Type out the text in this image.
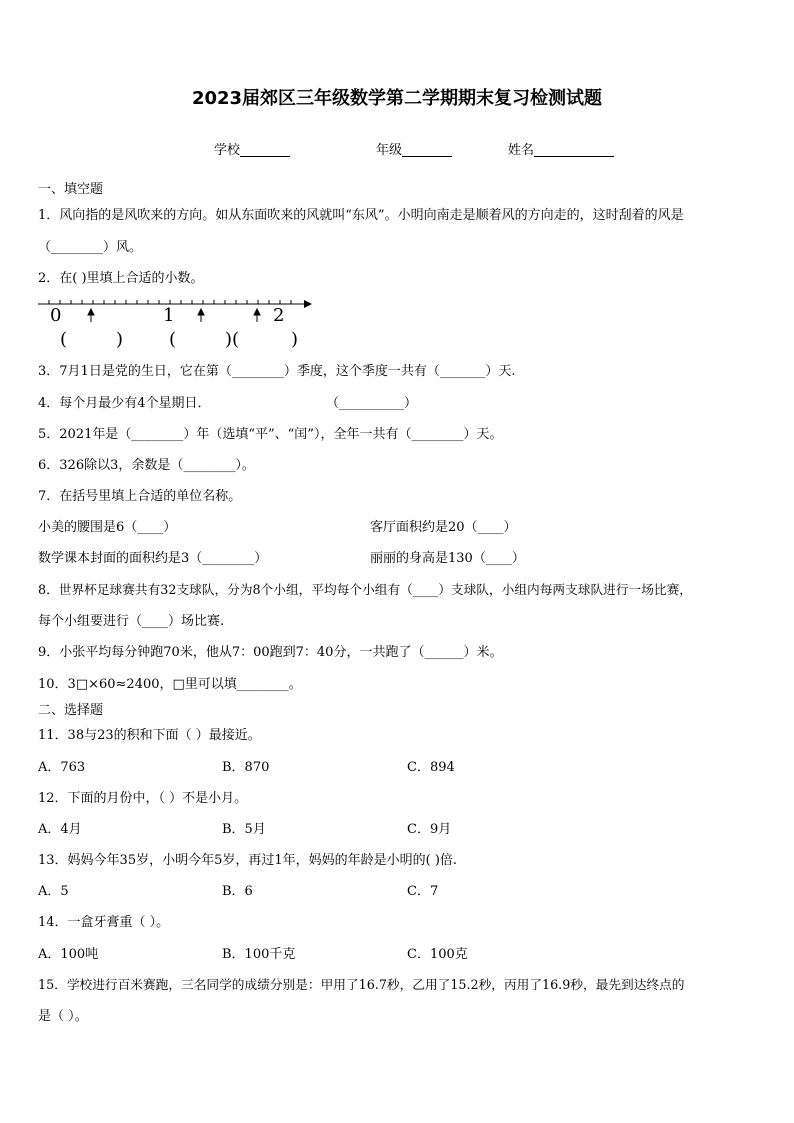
2023届郊区三年级数学第二学期期末复习检测试题
学校	年级	姓名
一、填空题
1．风向指的是风吹来的方向。如从东面吹来的风就叫“东风”。小明向南走是顺着风的方向走的，这时刮着的风是
（________）风。
2．在( )里填上合适的小数。
0	1	2
(	)	(	)(	)
3．7月1日是党的生日，它在第（________）季度，这个季度一共有（_______）天.
4．每个月最少有4个星期日．	（__________）
5．2021年是（________）年（选填“平”、“闰”），全年一共有（________）天。
6．326除以3，余数是（________）。
7．在括号里填上合适的单位名称。
小美的腰围是6（____）	客厅面积约是20（____）
数学课本封面的面积约是3（________）	丽丽的身高是130（____）
8．世界杯足球赛共有32支球队，分为8个小组，平均每个小组有（____）支球队，小组内每两支球队进行一场比赛，
每个小组要进行（____）场比赛.
9．小张平均每分钟跑70米，他从7：00跑到7：40分，一共跑了（______）米。
10．3□×60≈2400，□里可以填________。
二、选择题
11．38与23的积和下面（ ）最接近。
A．763	B．870	C．894
12．下面的月份中，（ ）不是小月。
A．4月	B．5月	C．9月
13．妈妈今年35岁，小明今年5岁，再过1年，妈妈的年龄是小明的( )倍.
A．5	B．6	C．7
14．一盒牙膏重（ ）。
A．100吨	B．100千克	C．100克
15．学校进行百米赛跑，三名同学的成绩分别是：甲用了16.7秒，乙用了15.2秒，丙用了16.9秒，最先到达终点的
是（ ）。
